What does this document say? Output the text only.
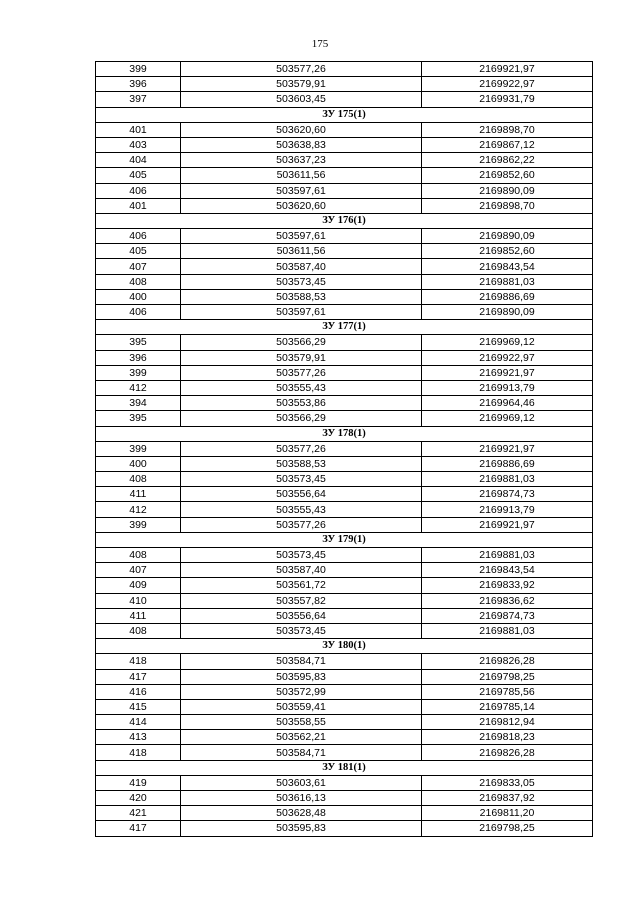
175
399	503577,26	2169921,97
396	503579,91	2169922,97
397	503603,45	2169931,79
ЗУ 175(1)		
401	503620,60	2169898,70
403	503638,83	2169867,12
404	503637,23	2169862,22
405	503611,56	2169852,60
406	503597,61	2169890,09
401	503620,60	2169898,70
ЗУ 176(1)		
406	503597,61	2169890,09
405	503611,56	2169852,60
407	503587,40	2169843,54
408	503573,45	2169881,03
400	503588,53	2169886,69
406	503597,61	2169890,09
ЗУ 177(1)		
395	503566,29	2169969,12
396	503579,91	2169922,97
399	503577,26	2169921,97
412	503555,43	2169913,79
394	503553,86	2169964,46
395	503566,29	2169969,12
ЗУ 178(1)		
399	503577,26	2169921,97
400	503588,53	2169886,69
408	503573,45	2169881,03
411	503556,64	2169874,73
412	503555,43	2169913,79
399	503577,26	2169921,97
ЗУ 179(1)		
408	503573,45	2169881,03
407	503587,40	2169843,54
409	503561,72	2169833,92
410	503557,82	2169836,62
411	503556,64	2169874,73
408	503573,45	2169881,03
ЗУ 180(1)		
418	503584,71	2169826,28
417	503595,83	2169798,25
416	503572,99	2169785,56
415	503559,41	2169785,14
414	503558,55	2169812,94
413	503562,21	2169818,23
418	503584,71	2169826,28
ЗУ 181(1)		
419	503603,61	2169833,05
420	503616,13	2169837,92
421	503628,48	2169811,20
417	503595,83	2169798,25
